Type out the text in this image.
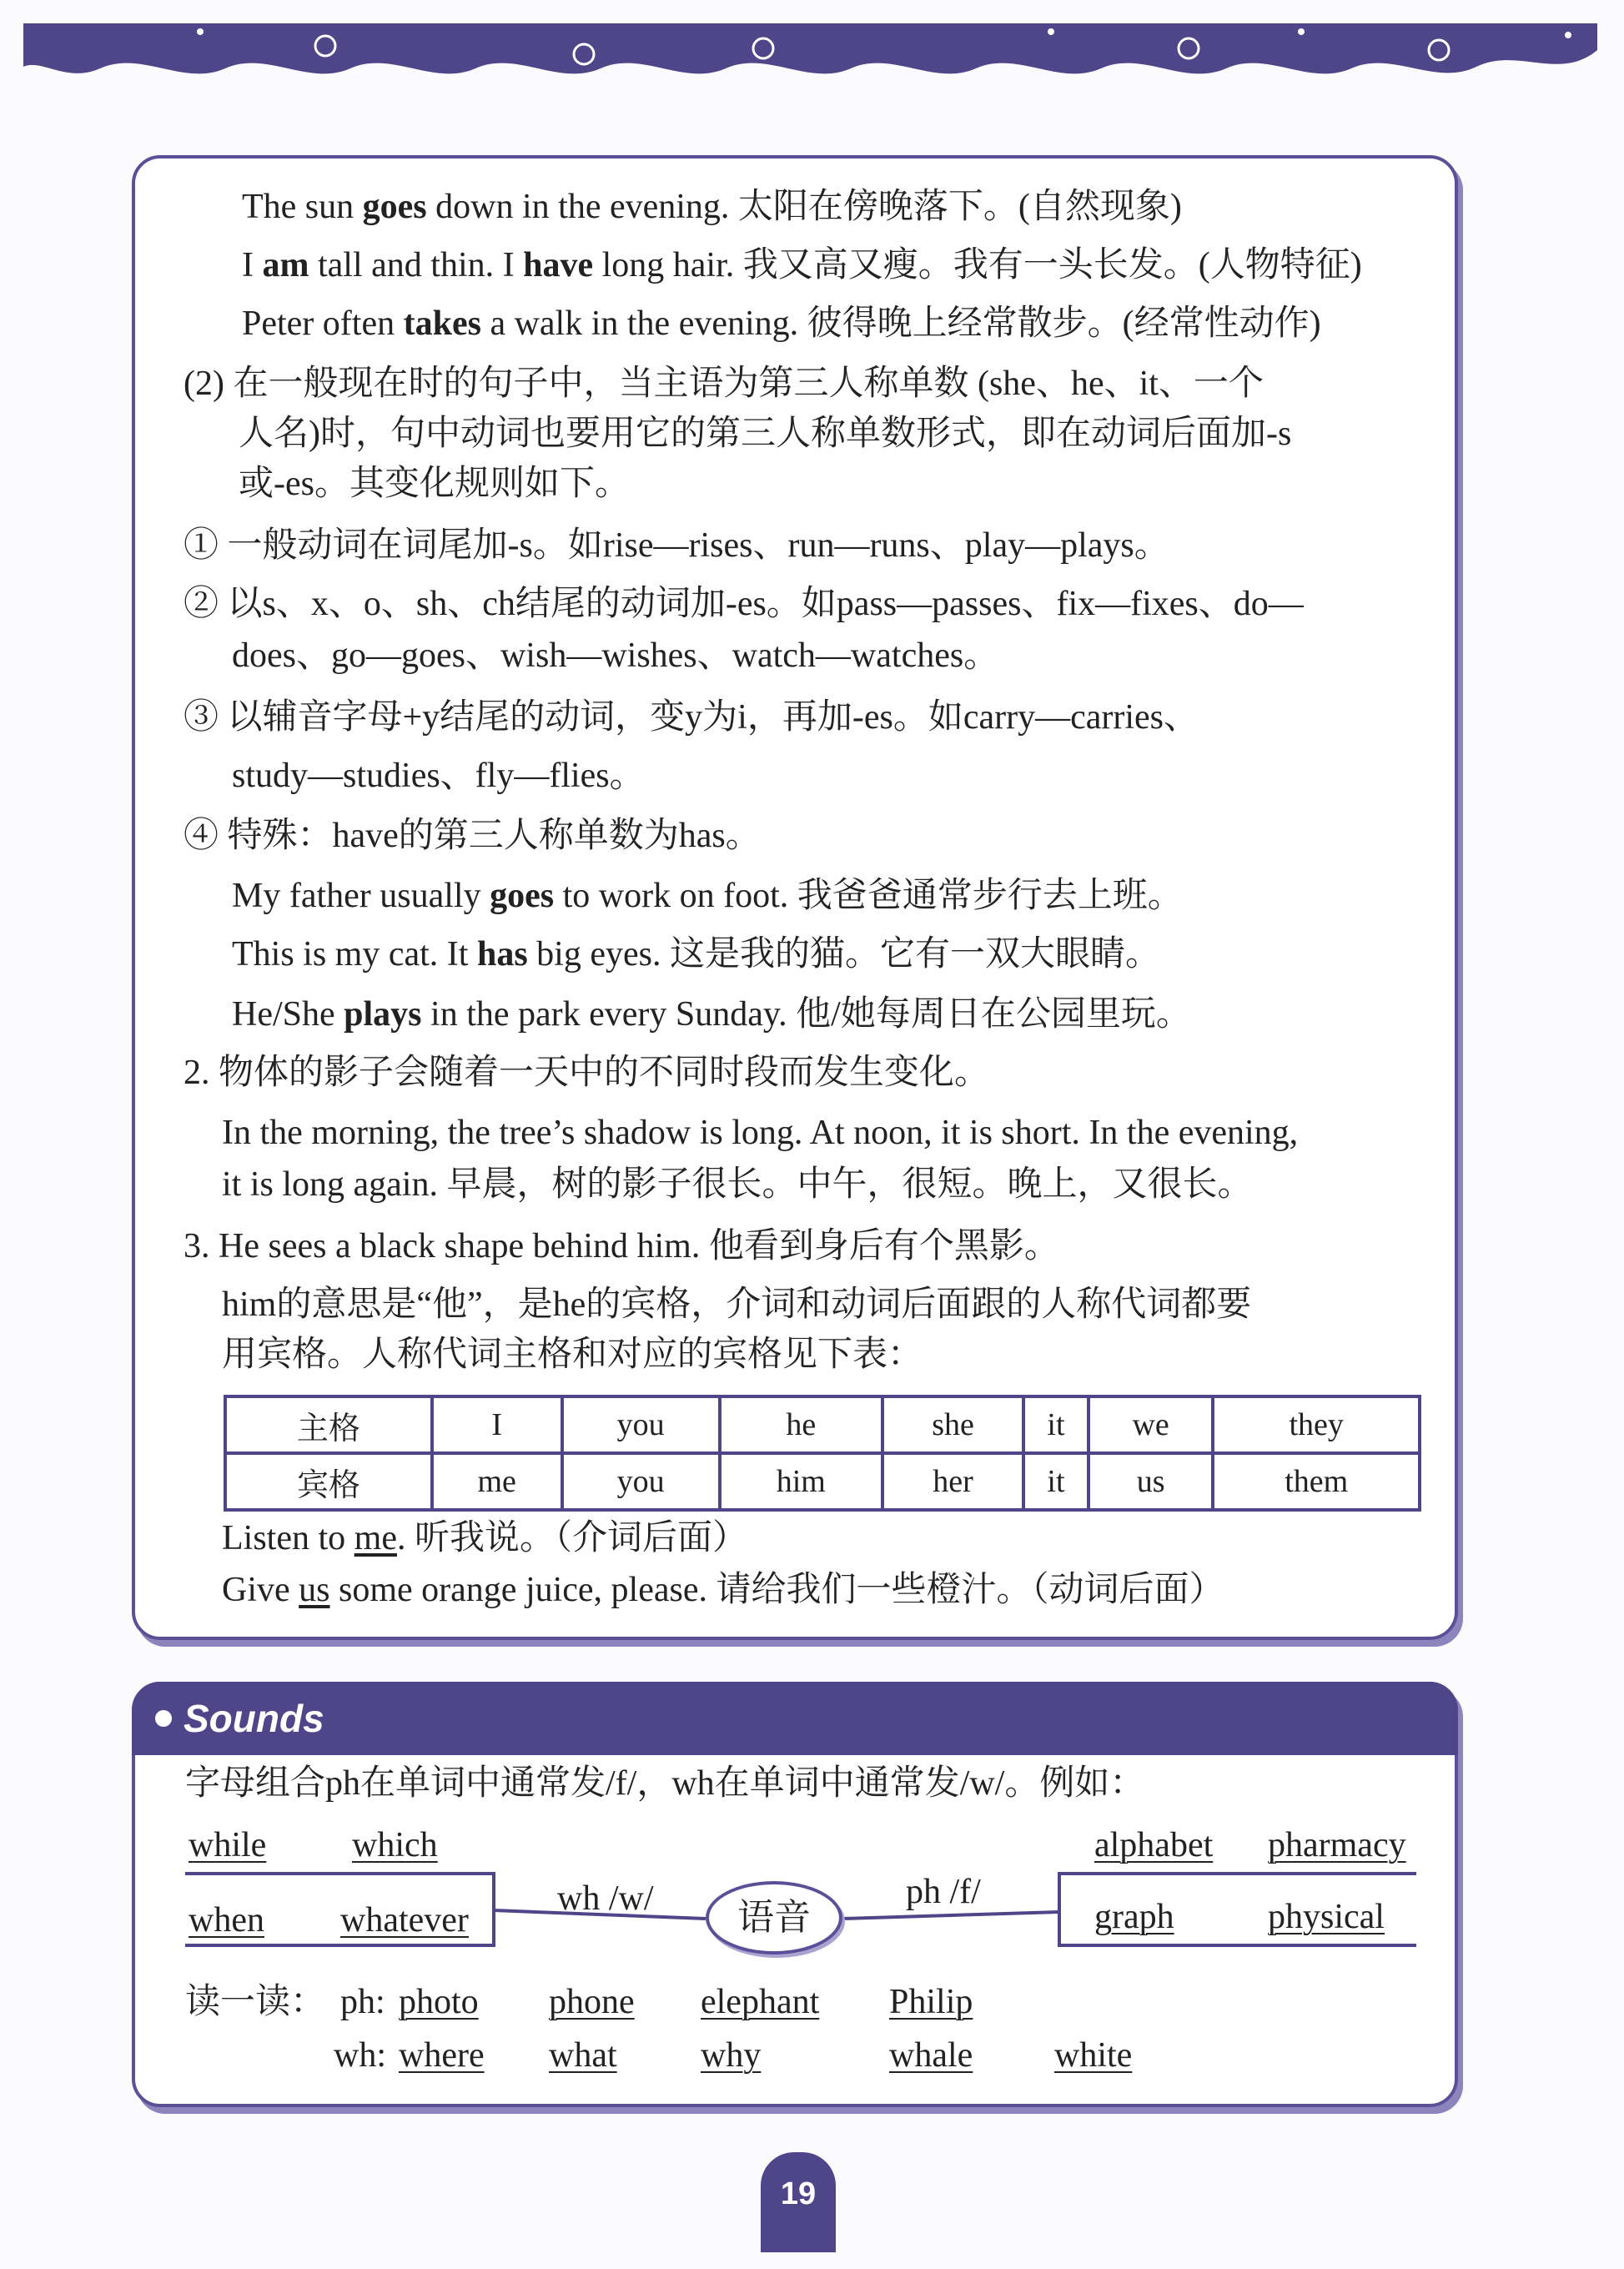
The sun goes down in the evening. 太阳在傍晚落下。(自然现象)
I am tall and thin. I have long hair. 我又高又瘦。我有一头长发。(人物特征)
Peter often takes a walk in the evening. 彼得晚上经常散步。(经常性动作)
(2) 在一般现在时的句子中，当主语为第三人称单数 (she、he、it、一个
人名)时，句中动词也要用它的第三人称单数形式，即在动词后面加-s
或-es。其变化规则如下。
① 一般动词在词尾加-s。如rise—rises、run—runs、play—plays。
② 以s、x、o、sh、ch结尾的动词加-es。如pass—passes、fix—fixes、do—
does、go—goes、wish—wishes、watch—watches。
③ 以辅音字母+y结尾的动词，变y为i，再加-es。如carry—carries、
study—studies、fly—flies。
④ 特殊：have的第三人称单数为has。
My father usually goes to work on foot. 我爸爸通常步行去上班。
This is my cat. It has big eyes. 这是我的猫。它有一双大眼睛。
He/She plays in the park every Sunday. 他/她每周日在公园里玩。
2. 物体的影子会随着一天中的不同时段而发生变化。
In the morning, the tree’s shadow is long. At noon, it is short. In the evening,
it is long again. 早晨，树的影子很长。中午，很短。晚上，又很长。
3. He sees a black shape behind him. 他看到身后有个黑影。
him的意思是“他”，是he的宾格，介词和动词后面跟的人称代词都要
用宾格。人称代词主格和对应的宾格见下表：
主格	I	you	he	she	it	we	they
宾格	me	you	him	her	it	us	them
Listen to me. 听我说。（介词后面）
Give us some orange juice, please. 请给我们一些橙汁。（动词后面）
Sounds
字母组合ph在单词中通常发/f/，wh在单词中通常发/w/。例如：
while which
when whatever
wh /w/	语音
ph /f/
alphabet pharmacy
graph	physical
读一读： ph: photo phone elephant Philip
wh: where what why	whale white
19
